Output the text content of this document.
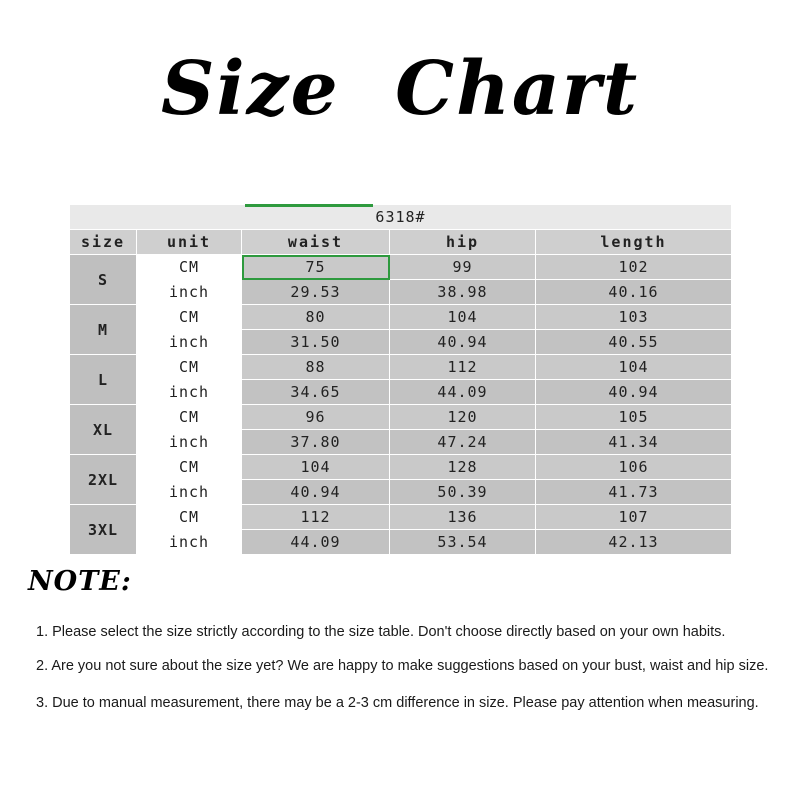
Size  Chart
6318#				
size	unit	waist	hip	length
S	CM	75	99	102
	inch	29.53	38.98	40.16
M	CM	80	104	103
	inch	31.50	40.94	40.55
L	CM	88	112	104
	inch	34.65	44.09	40.94
XL	CM	96	120	105
	inch	37.80	47.24	41.34
2XL	CM	104	128	106
	inch	40.94	50.39	41.73
3XL	CM	112	136	107
	inch	44.09	53.54	42.13
NOTE:
1. Please select the size strictly according to the size table. Don't choose directly based on your own habits.
2. Are you not sure about the size yet? We are happy to make suggestions based on your bust, waist and hip size.
3. Due to manual measurement, there may be a 2-3 cm difference in size. Please pay attention when measuring.
